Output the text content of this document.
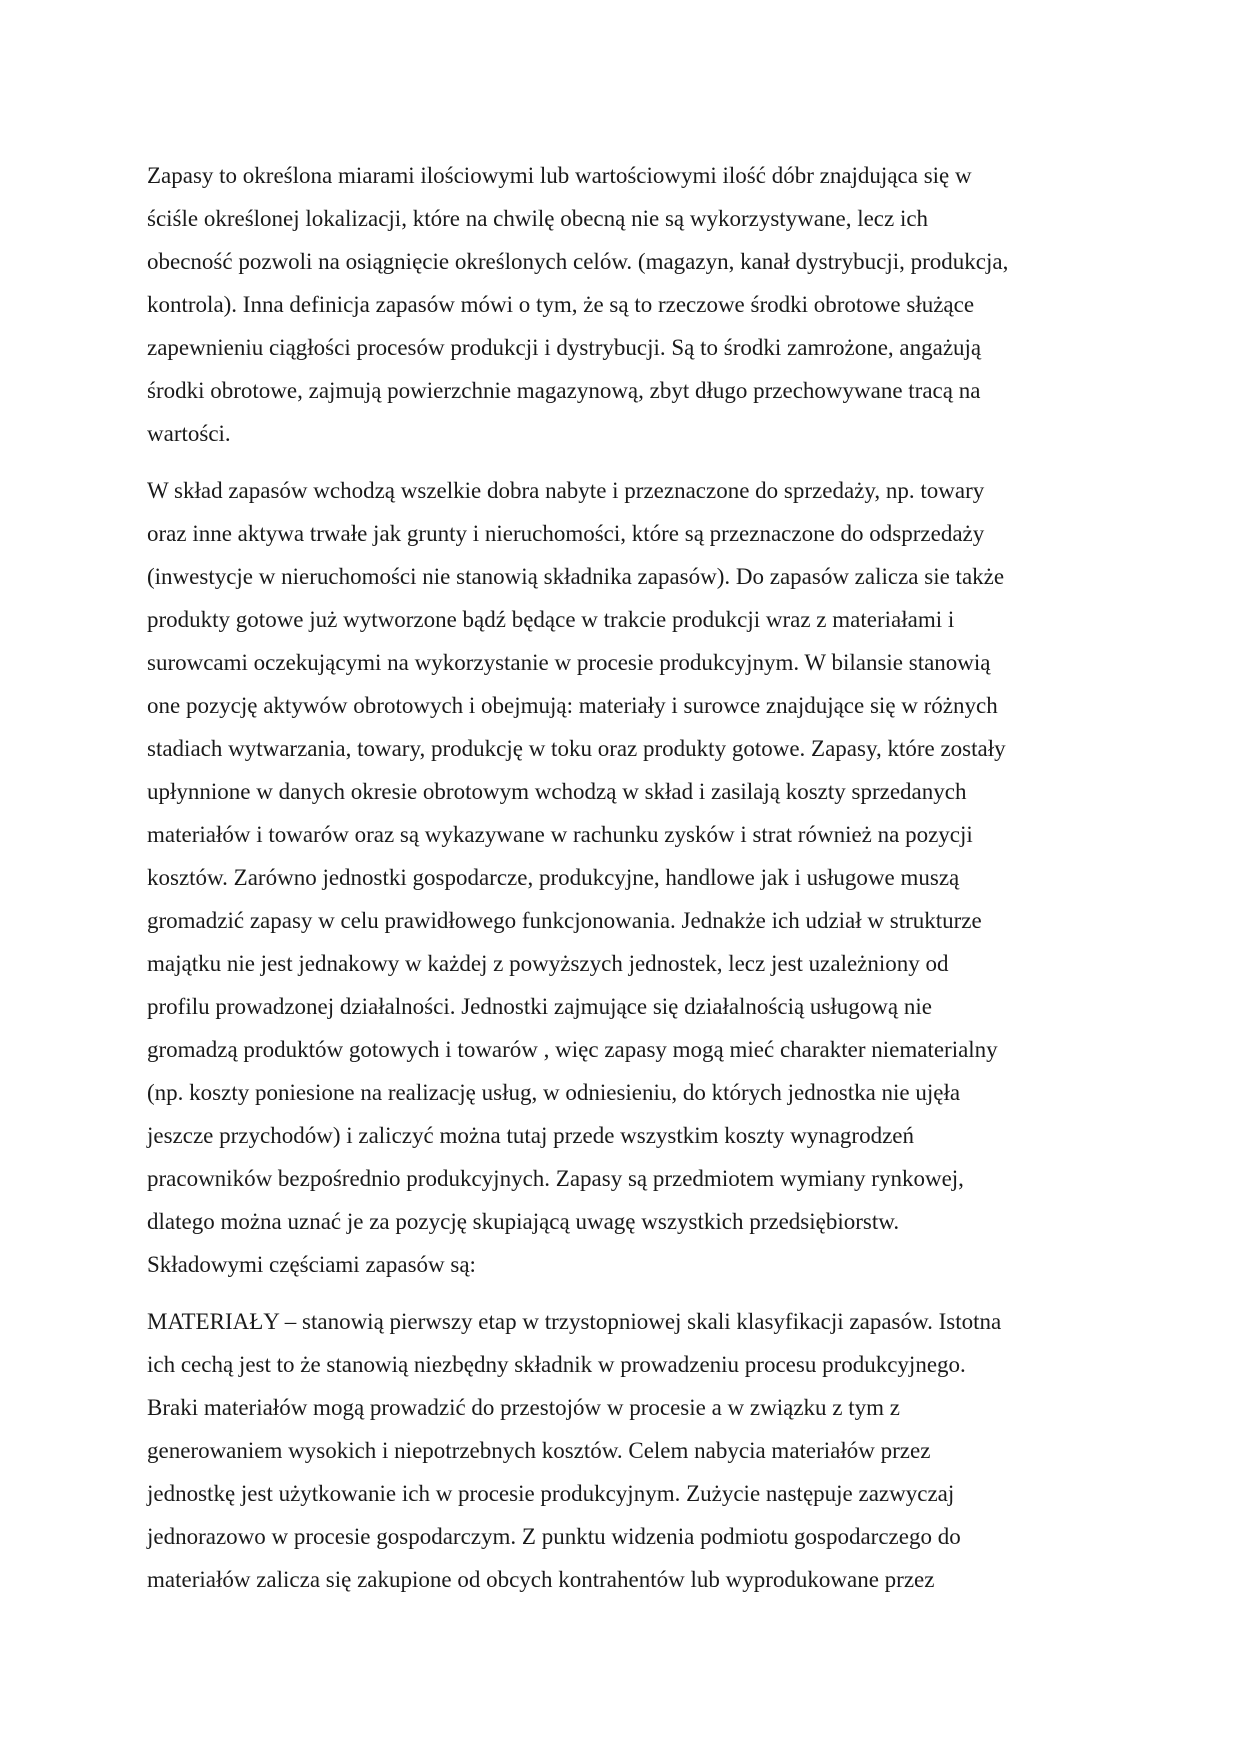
Zapasy to określona miarami ilościowymi lub wartościowymi ilość dóbr znajdująca się w
ściśle określonej lokalizacji, które na chwilę obecną nie są wykorzystywane, lecz ich
obecność pozwoli na osiągnięcie określonych celów. (magazyn, kanał dystrybucji, produkcja,
kontrola). Inna definicja zapasów mówi o tym, że są to rzeczowe środki obrotowe służące
zapewnieniu ciągłości procesów produkcji i dystrybucji. Są to środki zamrożone, angażują
środki obrotowe, zajmują powierzchnie magazynową, zbyt długo przechowywane tracą na
wartości.
W skład zapasów wchodzą wszelkie dobra nabyte i przeznaczone do sprzedaży, np. towary
oraz inne aktywa trwałe jak grunty i nieruchomości, które są przeznaczone do odsprzedaży
(inwestycje w nieruchomości nie stanowią składnika zapasów). Do zapasów zalicza sie także
produkty gotowe już wytworzone bądź będące w trakcie produkcji wraz z materiałami i
surowcami oczekującymi na wykorzystanie w procesie produkcyjnym. W bilansie stanowią
one pozycję aktywów obrotowych i obejmują: materiały i surowce znajdujące się w różnych
stadiach wytwarzania, towary, produkcję w toku oraz produkty gotowe. Zapasy, które zostały
upłynnione w danych okresie obrotowym wchodzą w skład i zasilają koszty sprzedanych
materiałów i towarów oraz są wykazywane w rachunku zysków i strat również na pozycji
kosztów. Zarówno jednostki gospodarcze, produkcyjne, handlowe jak i usługowe muszą
gromadzić zapasy w celu prawidłowego funkcjonowania. Jednakże ich udział w strukturze
majątku nie jest jednakowy w każdej z powyższych jednostek, lecz jest uzależniony od
profilu prowadzonej działalności. Jednostki zajmujące się działalnością usługową nie
gromadzą produktów gotowych i towarów , więc zapasy mogą mieć charakter niematerialny
(np. koszty poniesione na realizację usług, w odniesieniu, do których jednostka nie ujęła
jeszcze przychodów) i zaliczyć można tutaj przede wszystkim koszty wynagrodzeń
pracowników bezpośrednio produkcyjnych. Zapasy są przedmiotem wymiany rynkowej,
dlatego można uznać je za pozycję skupiającą uwagę wszystkich przedsiębiorstw.
Składowymi częściami zapasów są:
MATERIAŁY – stanowią pierwszy etap w trzystopniowej skali klasyfikacji zapasów. Istotna
ich cechą jest to że stanowią niezbędny składnik w prowadzeniu procesu produkcyjnego.
Braki materiałów mogą prowadzić do przestojów w procesie a w związku z tym z
generowaniem wysokich i niepotrzebnych kosztów. Celem nabycia materiałów przez
jednostkę jest użytkowanie ich w procesie produkcyjnym. Zużycie następuje zazwyczaj
jednorazowo w procesie gospodarczym. Z punktu widzenia podmiotu gospodarczego do
materiałów zalicza się zakupione od obcych kontrahentów lub wyprodukowane przez
